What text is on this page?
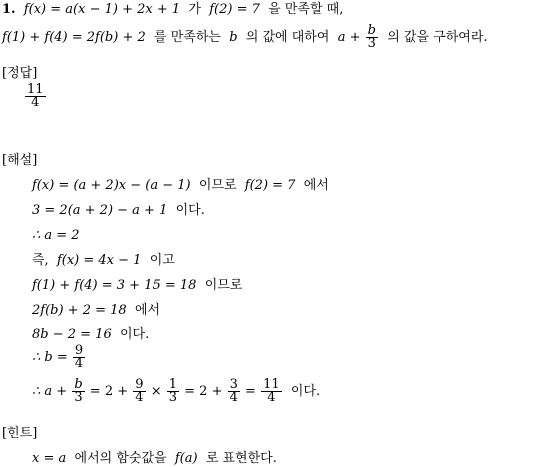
1. f(x) = a(x − 1) + 2x + 1 가 f(2) = 7 을 만족할 때,
f(1) + f(4) = 2f(b) + 2 를 만족하는 b 의 값에 대하여 $a + \frac{b}{3}$ 의 값을 구하여라.
[정답]
$\frac{11}{4}$
[해설]
f(x) = (a + 2)x − (a − 1) 이므로 f(2) = 7 에서
3 = 2(a + 2) − a + 1 이다.
∴ a = 2
즉, f(x) = 4x − 1 이고
f(1) + f(4) = 3 + 15 = 18 이므로
2f(b) + 2 = 18 에서
8b − 2 = 16 이다.
∴ $b = \frac{9}{4}$
∴ $a + \frac{b}{3} = 2 + \frac{9}{4} \times \frac{1}{3} = 2 + \frac{3}{4} = \frac{11}{4}$ 이다.
[힌트]
x = a 에서의 함숫값을 f(a) 로 표현한다.
